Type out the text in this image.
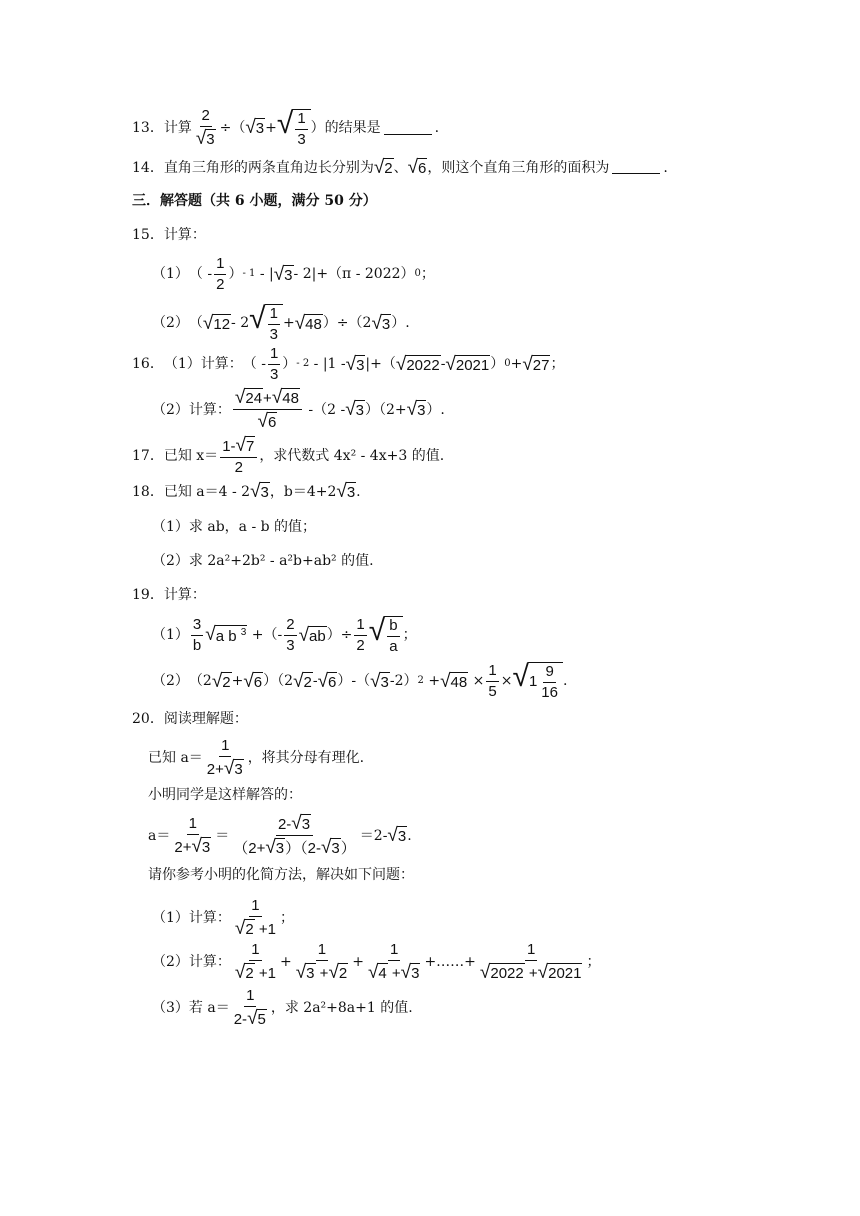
13． 计算 $\frac{2}{√ 3}$ ÷（ √ 3 + √ $\frac{1}{3}$ ）的结果是	.
14． 直角三角形的两条直角边长分别为 √ 2 、 √ 6 ，则这个直角三角形的面积为	.
三．解答题（共 6 小题，满分 50 分）
15． 计算：
（1） （ - $\frac{1}{2}$ ） - 1 - | √ 3 - 2|+（π - 2022） 0 ；
（2） （ √ 12 - 2 √ $\frac{1}{3}$ + √ 48 ）÷（2 √ 3 ）.
16． （1）计算： （ - $\frac{1}{3}$ ） - 2 - |1 - √ 3 |+（ √ 2022 - √ 2021 ） 0 + √ 27 ；
（2）计算： $\frac{√ 24 + √ 48}{√ 6} -(2$ - √ 3 ）（2+ √ 3 ）.
17． 已知 $x= \frac{1- √ 7}{2}$ ，求代数式 4x² - 4x+3 的值.
18． 已知 a＝4 - 2 √ 3 ，b＝4+2 √ 3 .
（1）求 ab，a - b 的值；
（2）求 2a²+2b² - a²b+ab² 的值.
19． 计算：
$(1) \frac{3}{b}$ √ a b $^3$ +（- $\frac{2}{3}$ √ ab ）÷ $\frac{1}{2}$ √ $\frac{b}{a}$ ；
（2） （2 √ 2 + √ 6 ）（2 √ 2 - √ 6 ）-（ √ 3 -2） 2 + √ $48 \times \frac{1}{5}$ × √ $1 \frac{9}{16}$ .
20． 阅读理解题：
已知 $a= \frac{1}{2+ √ 3}$ ，将其分母有理化.
小明同学是这样解答的：
$a= \frac{1}{2+ √ 3} = \frac{2- √ 3}{(2+ √ 3 )(2- √ 3 )} =2-$ √ 3 .
请你参考小明的化简方法，解决如下问题：
（1）计算： $\frac{1}{√ 2 +1}$ ；
（2）计算： $\frac{1}{√ 2 +1} + \frac{1}{√ 3 + √ 2} + \frac{1}{√ 4 + √ 3}$ +……+ $\frac{1}{√ 2022 + √ 2021}$ ；
（3）若 $a= \frac{1}{2- √ 5}$ ，求 2a²+8a+1 的值.
